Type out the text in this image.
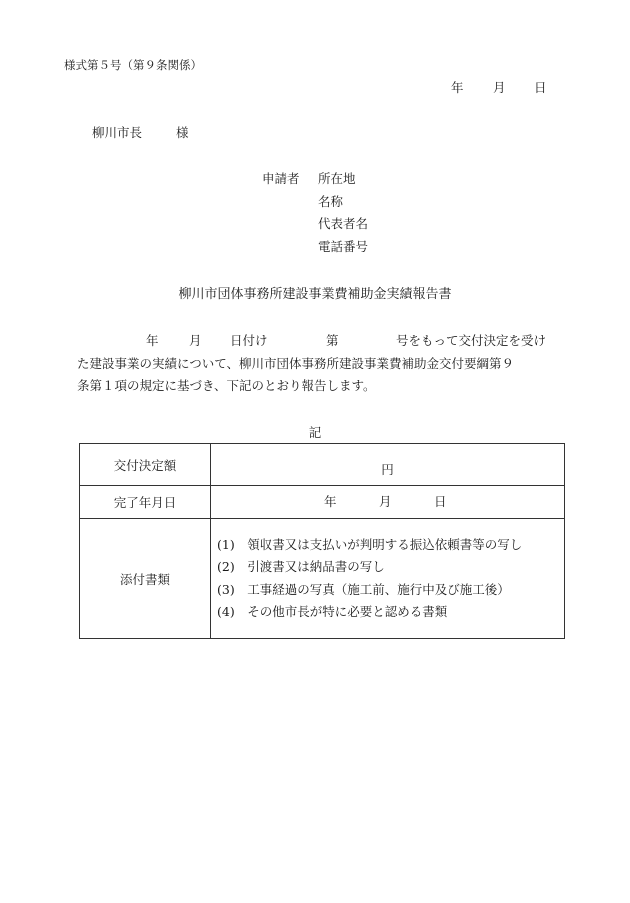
様式第５号（第９条関係）
年 月 日
柳川市長	様
申請者	所在地
名称
代表者名
電話番号
柳川市団体事務所建設事業費補助金実績報告書
年 月 日付け	第	号をもって交付決定を受け
た建設事業の実績について、柳川市団体事務所建設事業費補助金交付要綱第９
条第１項の規定に基づき、下記のとおり報告します。
記
交付決定額	円

完了年月日	年 月 日

添付書類	(1)　領収書又は支払いが判明する振込依頼書等の写し
(2)　引渡書又は納品書の写し
(3)　工事経過の写真（施工前、施行中及び施工後）
(4)　その他市長が特に必要と認める書類
